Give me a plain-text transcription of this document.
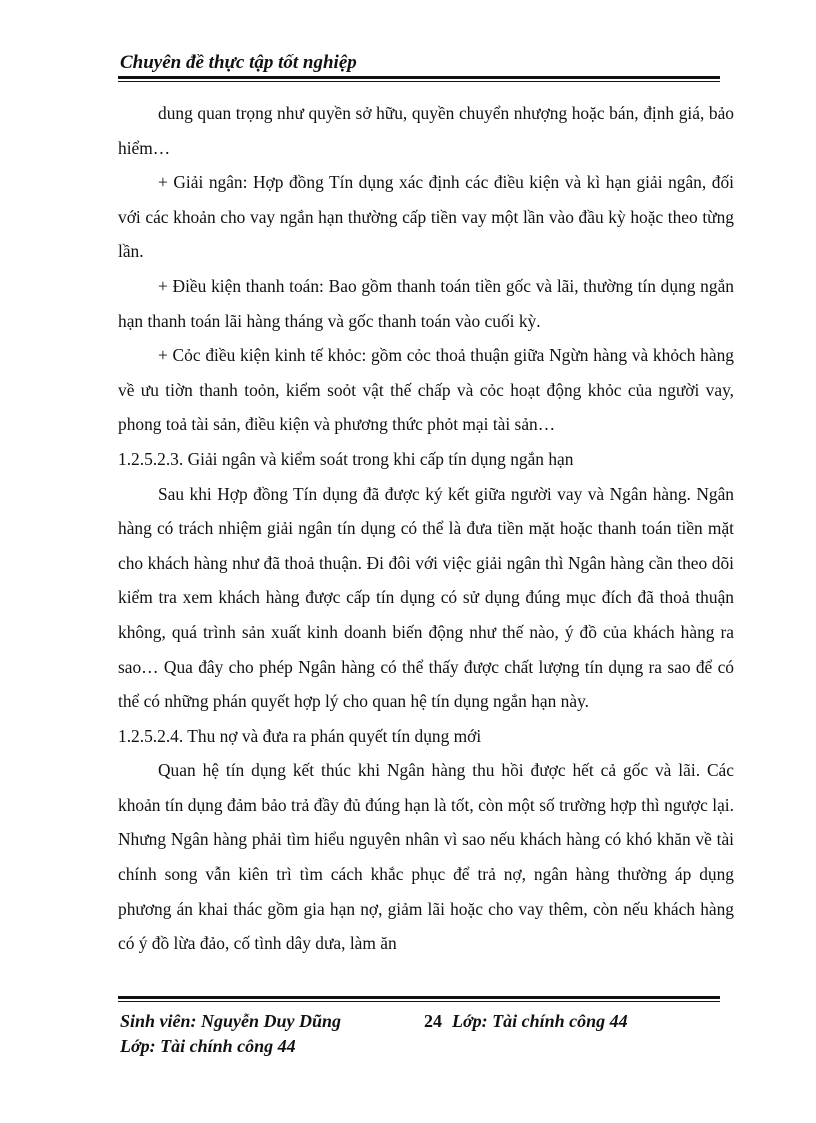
Chuyên đề thực tập tốt nghiệp

dung quan trọng như quyền sở hữu, quyền chuyển nhượng hoặc bán, định giá, bảo hiểm…

+ Giải ngân: Hợp đồng Tín dụng xác định các điều kiện và kì hạn giải ngân, đối với các khoản cho vay ngắn hạn thường cấp tiền vay một lần vào đầu kỳ hoặc theo từng lần.

+ Điều kiện thanh toán: Bao gồm thanh toán tiền gốc và lãi, thường tín dụng ngắn hạn thanh toán lãi hàng tháng và gốc thanh toán vào cuối kỳ.

+ Cỏc điều kiện kinh tế khỏc: gồm cỏc thoả thuận giữa Ngừn hàng và khỏch hàng về ưu tiờn thanh toỏn, kiểm soỏt vật thế chấp và cỏc hoạt động khỏc của người vay, phong toả tài sản, điều kiện và phương thức phỏt mại tài sản…

1.2.5.2.3. Giải ngân và kiểm soát trong khi cấp tín dụng ngắn hạn

Sau khi Hợp đồng Tín dụng đã được ký kết giữa người vay và Ngân hàng. Ngân hàng có trách nhiệm giải ngân tín dụng có thể là đưa tiền mặt hoặc thanh toán tiền mặt cho khách hàng như đã thoả thuận. Đi đôi với việc giải ngân thì Ngân hàng cần theo dõi kiểm tra xem khách hàng được cấp tín dụng có sử dụng đúng mục đích đã thoả thuận không, quá trình sản xuất kinh doanh biến động như thế nào, ý đồ của khách hàng ra sao… Qua đây cho phép Ngân hàng có thể thấy được chất lượng tín dụng ra sao để có thể có những phán quyết hợp lý cho quan hệ tín dụng ngắn hạn này.

1.2.5.2.4. Thu nợ và đưa ra phán quyết tín dụng mới

Quan hệ tín dụng kết thúc khi Ngân hàng thu hồi được hết cả gốc và lãi. Các khoản tín dụng đảm bảo trả đầy đủ đúng hạn là tốt, còn một số trường hợp thì ngược lại. Nhưng Ngân hàng phải tìm hiểu nguyên nhân vì sao nếu khách hàng có khó khăn về tài chính song vẫn kiên trì tìm cách khắc phục để trả nợ, ngân hàng thường áp dụng phương án khai thác gồm gia hạn nợ, giảm lãi hoặc cho vay thêm, còn nếu khách hàng có ý đồ lừa đảo, cố tình dây dưa, làm ăn

Sinh viên: Nguyễn Duy Dũng
Lớp: Tài chính công 44
24 Lớp: Tài chính công 44
